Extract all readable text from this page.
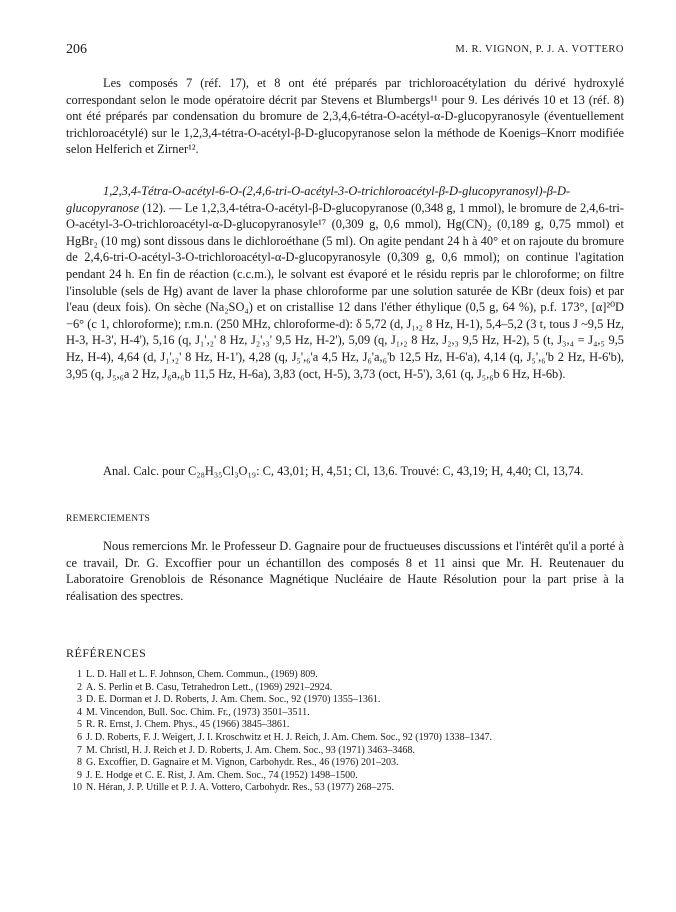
206	M. R. VIGNON, P. J. A. VOTTERO

Les composés 7 (réf. 17), et 8 ont été préparés par trichloroacétylation du dérivé hydroxylé correspondant selon le mode opératoire décrit par Stevens et Blumbergs¹¹ pour 9. Les dérivés 10 et 13 (réf. 8) ont été préparés par condensation du bromure de 2,3,4,6-tétra-O-acétyl-α-D-glucopyranosyle (éventuellement trichloroacétylé) sur le 1,2,3,4-tétra-O-acétyl-β-D-glucopyranose selon la méthode de Koenigs–Knorr modifiée selon Helferich et Zirner¹².

1,2,3,4-Tétra-O-acétyl-6-O-(2,4,6-tri-O-acétyl-3-O-trichloroacétyl-β-D-glucopyranosyl)-β-D-glucopyranose (12). — Le 1,2,3,4-tétra-O-acétyl-β-D-glucopyranose (0,348 g, 1 mmol), le bromure de 2,4,6-tri-O-acétyl-3-O-trichloroacétyl-α-D-glucopyranosyle¹⁷ (0,309 g, 0,6 mmol), Hg(CN)₂ (0,189 g, 0,75 mmol) et HgBr₂ (10 mg) sont dissous dans le dichloroéthane (5 ml). On agite pendant 24 h à 40° et on rajoute du bromure de 2,4,6-tri-O-acétyl-3-O-trichloroacétyl-α-D-glucopyranosyle (0,309 g, 0,6 mmol); on continue l'agitation pendant 24 h. En fin de réaction (c.c.m.), le solvant est évaporé et le résidu repris par le chloroforme; on filtre l'insoluble (sels de Hg) avant de laver la phase chloroforme par une solution saturée de KBr (deux fois) et par l'eau (deux fois). On sèche (Na₂SO₄) et on cristallise 12 dans l'éther éthylique (0,5 g, 64 %), p.f. 173°, [α]²⁰D −6° (c 1, chloroforme); r.m.n. (250 MHz, chloroforme-d): δ 5,72 (d, J₁,₂ 8 Hz, H-1), 5,4–5,2 (3 t, tous J ~9,5 Hz, H-3, H-3', H-4'), 5,16 (q, J₁',₂' 8 Hz, J₂',₃' 9,5 Hz, H-2'), 5,09 (q, J₁,₂ 8 Hz, J₂,₃ 9,5 Hz, H-2), 5 (t, J₃,₄ = J₄,₅ 9,5 Hz, H-4), 4,64 (d, J₁',₂' 8 Hz, H-1'), 4,28 (q, J₅',₆'a 4,5 Hz, J₆'a,₆'b 12,5 Hz, H-6'a), 4,14 (q, J₅',₆'b 2 Hz, H-6'b), 3,95 (q, J₅,₆a 2 Hz, J₆a,₆b 11,5 Hz, H-6a), 3,83 (oct, H-5), 3,73 (oct, H-5'), 3,61 (q, J₅,₆b 6 Hz, H-6b).

Anal. Calc. pour C₂₈H₃₅Cl₃O₁₉: C, 43,01; H, 4,51; Cl, 13,6. Trouvé: C, 43,19; H, 4,40; Cl, 13,74.

REMERCIEMENTS

Nous remercions Mr. le Professeur D. Gagnaire pour de fructueuses discussions et l'intérêt qu'il a porté à ce travail, Dr. G. Excoffier pour un échantillon des composés 8 et 11 ainsi que Mr. H. Reutenauer du Laboratoire Grenoblois de Résonance Magnétique Nucléaire de Haute Résolution pour la part prise à la réalisation des spectres.

RÉFÉRENCES
1 L. D. Hall et L. F. Johnson, Chem. Commun., (1969) 809.
2 A. S. Perlin et B. Casu, Tetrahedron Lett., (1969) 2921–2924.
3 D. E. Dorman et J. D. Roberts, J. Am. Chem. Soc., 92 (1970) 1355–1361.
4 M. Vincendon, Bull. Soc. Chim. Fr., (1973) 3501–3511.
5 R. R. Ernst, J. Chem. Phys., 45 (1966) 3845–3861.
6 J. D. Roberts, F. J. Weigert, J. I. Kroschwitz et H. J. Reich, J. Am. Chem. Soc., 92 (1970) 1338–1347.
7 M. Christl, H. J. Reich et J. D. Roberts, J. Am. Chem. Soc., 93 (1971) 3463–3468.
8 G. Excoffier, D. Gagnaire et M. Vignon, Carbohydr. Res., 46 (1976) 201–203.
9 J. E. Hodge et C. E. Rist, J. Am. Chem. Soc., 74 (1952) 1498–1500.
10 N. Héran, J. P. Utille et P. J. A. Vottero, Carbohydr. Res., 53 (1977) 268–275.
